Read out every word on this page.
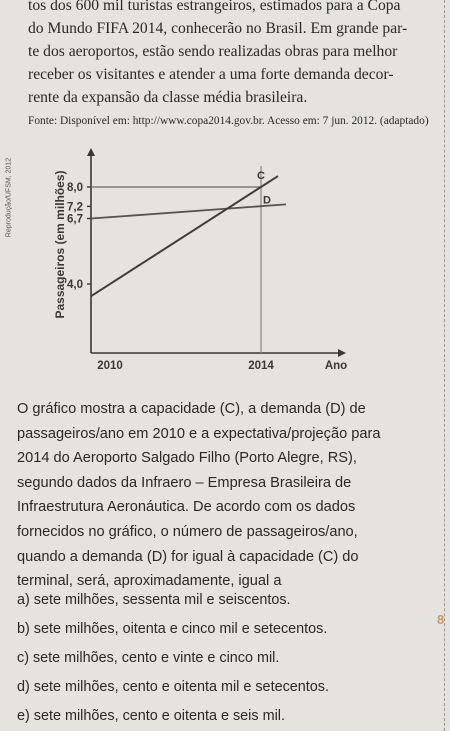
tos dos 600 mil turistas estrangeiros, estimados para a Copa
do Mundo FIFA 2014, conhecerão no Brasil. Em grande par-
te dos aeroportos, estão sendo realizadas obras para melhor
receber os visitantes e atender a uma forte demanda decor-
rente da expansão da classe média brasileira.
Fonte: Disponível em: http://www.copa2014.gov.br. Acesso em: 7 jun. 2012. (adaptado)
Reprodução/UFSM, 2012
4,0
6,7
7,2
8,0
2010	2014
C
D
Passageiros (em milhões)
Ano
O gráfico mostra a capacidade (C), a demanda (D) de
passageiros/ano em 2010 e a expectativa/projeção para
2014 do Aeroporto Salgado Filho (Porto Alegre, RS),
segundo dados da Infraero – Empresa Brasileira de
Infraestrutura Aeronáutica. De acordo com os dados
fornecidos no gráfico, o número de passageiros/ano,
quando a demanda (D) for igual à capacidade (C) do
terminal, será, aproximadamente, igual a
a) sete milhões, sessenta mil e seiscentos.
b) sete milhões, oitenta e cinco mil e setecentos.
c) sete milhões, cento e vinte e cinco mil.
d) sete milhões, cento e oitenta mil e setecentos.
e) sete milhões, cento e oitenta e seis mil.
8
